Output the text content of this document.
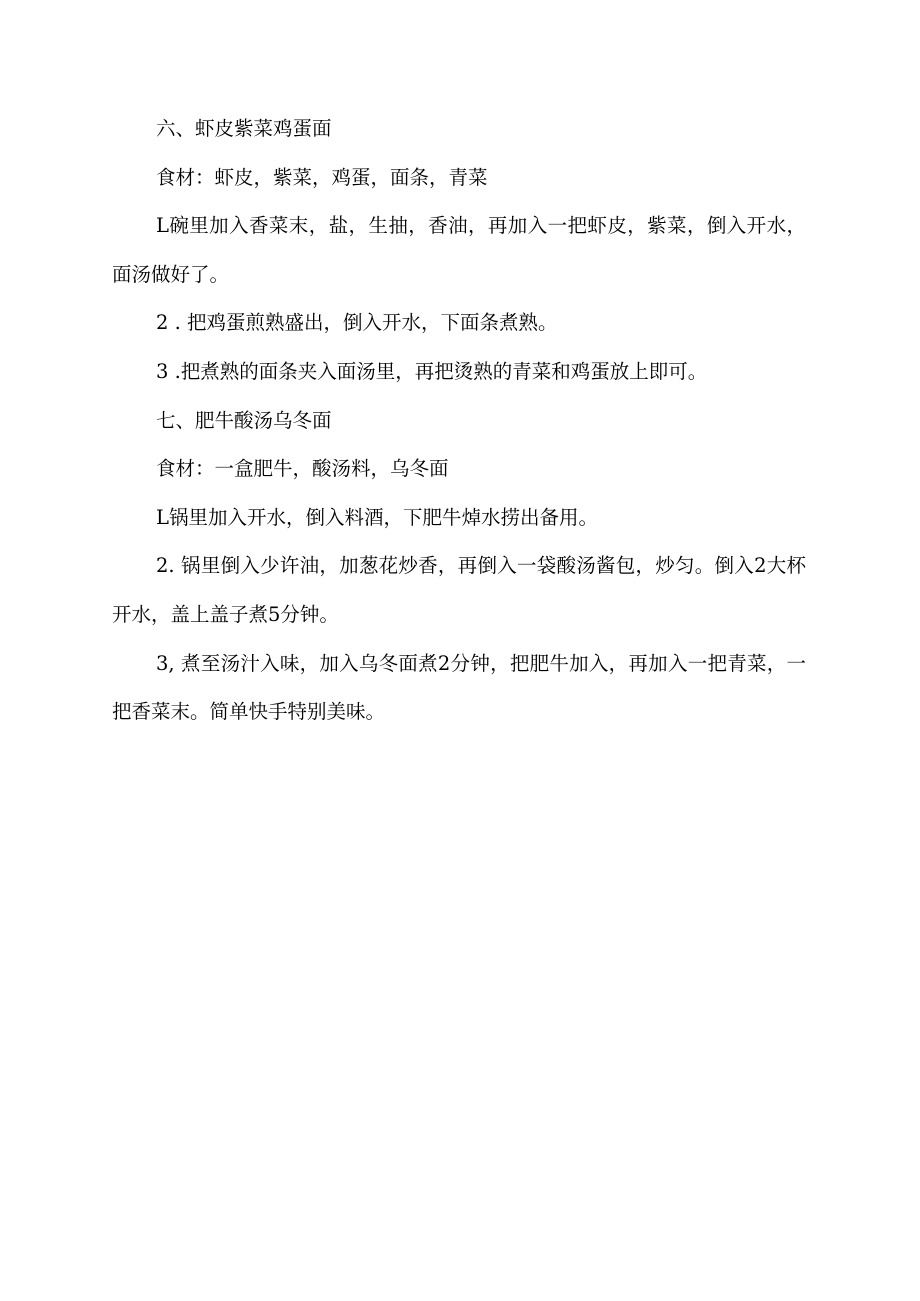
六、虾皮紫菜鸡蛋面

食材：虾皮，紫菜，鸡蛋，面条，青菜

L碗里加入香菜末，盐，生抽，香油，再加入一把虾皮，紫菜，倒入开水，面汤做好了。

2 . 把鸡蛋煎熟盛出，倒入开水，下面条煮熟。

3 .把煮熟的面条夹入面汤里，再把烫熟的青菜和鸡蛋放上即可。

七、肥牛酸汤乌冬面

食材：一盒肥牛，酸汤料，乌冬面

L锅里加入开水，倒入料酒，下肥牛焯水捞出备用。

2. 锅里倒入少许油，加葱花炒香，再倒入一袋酸汤酱包，炒匀。倒入2大杯开水，盖上盖子煮5分钟。

3, 煮至汤汁入味，加入乌冬面煮2分钟，把肥牛加入，再加入一把青菜，一把香菜末。简单快手特别美味。
